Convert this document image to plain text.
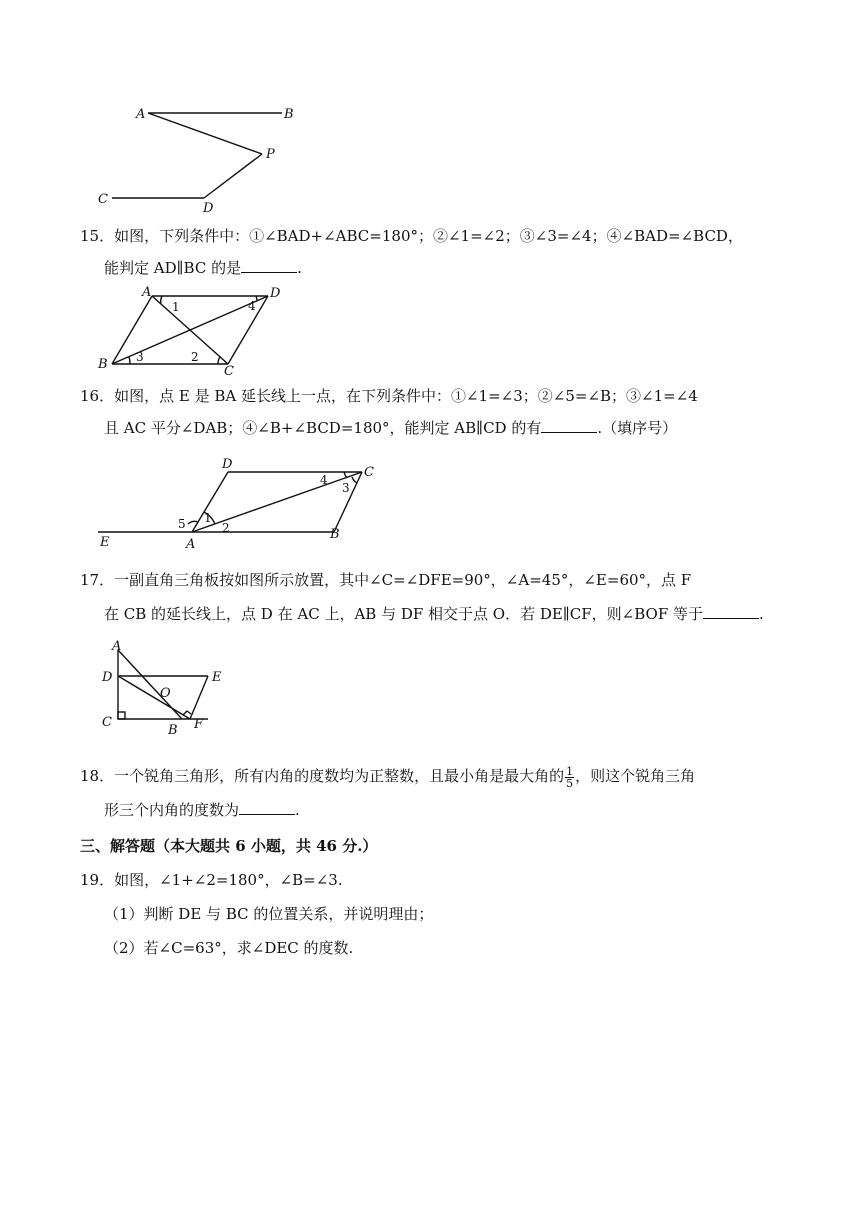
A	B
P
C
D
15．如图，下列条件中：①∠BAD+∠ABC=180°；②∠1=∠2；③∠3=∠4；④∠BAD=∠BCD，
能判定 AD∥BC 的是	.
A	D
B	C
1	4
3	2
16．如图，点 E 是 BA 延长线上一点，在下列条件中：①∠1=∠3；②∠5=∠B；③∠1=∠4
且 AC 平分∠DAB；④∠B+∠BCD=180°，能判定 AB∥CD 的有	.（填序号）
D
C
E	A
B
4
3
5 1
2
17．一副直角三角板按如图所示放置，其中∠C=∠DFE=90°，∠A=45°，∠E=60°，点 F
在 CB 的延长线上，点 D 在 AC 上，AB 与 DF 相交于点 O．若 DE∥CF，则∠BOF 等于	.
A
D	E
O
C
B F
18．一个锐角三角形，所有内角的度数均为正整数，且最小角是最大角的 $\frac{1}{5}$ ，则这个锐角三角
形三个内角的度数为	.
三、解答题（本大题共 6 小题，共 46 分.）
19．如图，∠1+∠2=180°，∠B=∠3.
（1）判断 DE 与 BC 的位置关系，并说明理由；
（2）若∠C=63°，求∠DEC 的度数.
